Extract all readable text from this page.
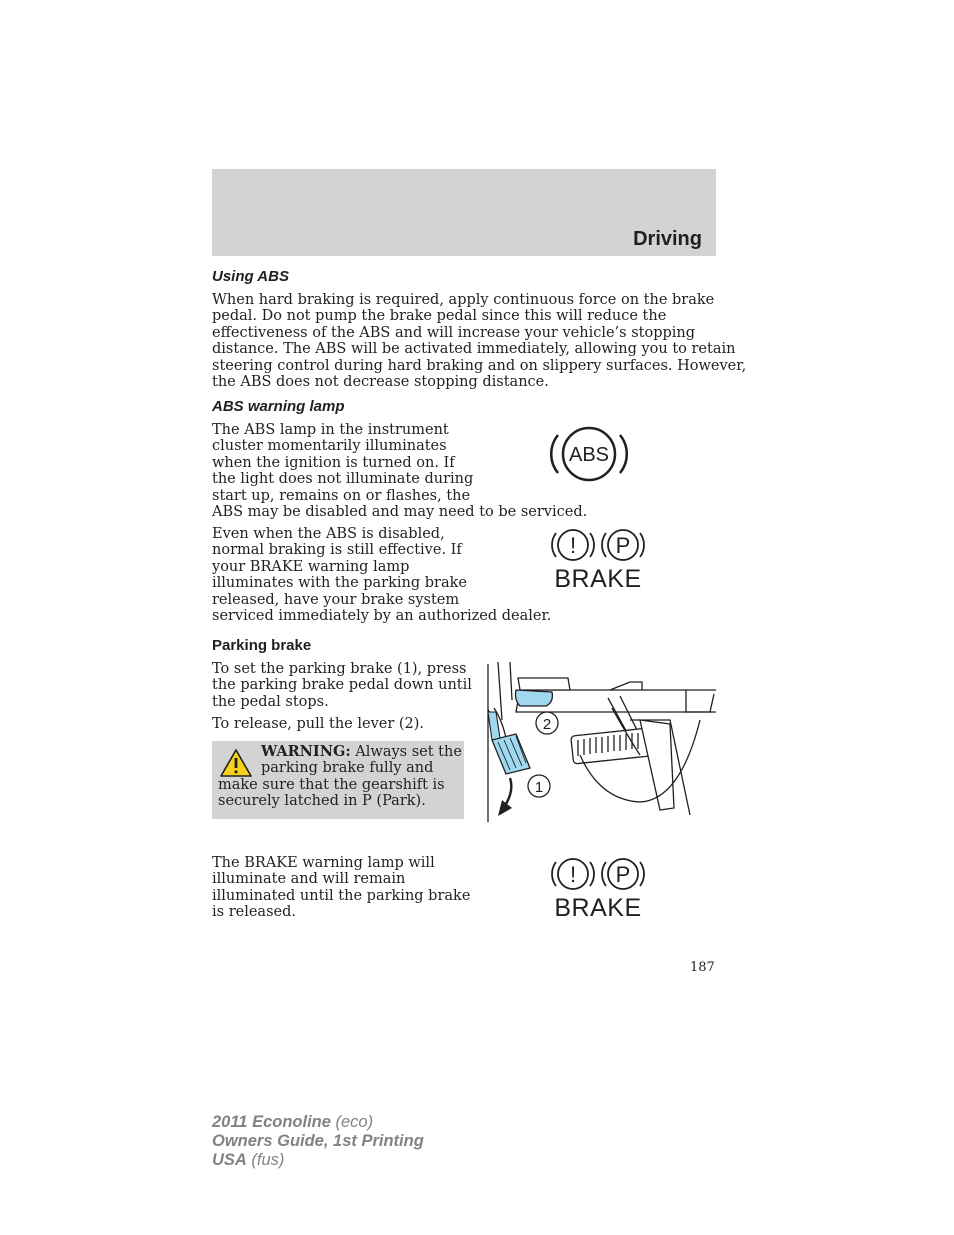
Driving
Using ABS
When hard braking is required, apply continuous force on the brake
pedal. Do not pump the brake pedal since this will reduce the
effectiveness of the ABS and will increase your vehicle’s stopping
distance. The ABS will be activated immediately, allowing you to retain
steering control during hard braking and on slippery surfaces. However,
the ABS does not decrease stopping distance.
ABS warning lamp
The ABS lamp in the instrument
cluster momentarily illuminates
when the ignition is turned on. If
the light does not illuminate during
start up, remains on or flashes, the
ABS may be disabled and may need to be serviced.
ABS
Even when the ABS is disabled,
normal braking is still effective. If
your BRAKE warning lamp
illuminates with the parking brake
released, have your brake system
serviced immediately by an authorized dealer.
! P
BRAKE
Parking brake
To set the parking brake (1), press
the parking brake pedal down until
the pedal stops.
To release, pull the lever (2).
WARNING: Always set the
parking brake fully and
make sure that the gearshift is
securely latched in P (Park).
2
1
The BRAKE warning lamp will
illuminate and will remain
illuminated until the parking brake
is released.
! P
BRAKE
187
2011 Econoline (eco)
Owners Guide, 1st Printing
USA (fus)
